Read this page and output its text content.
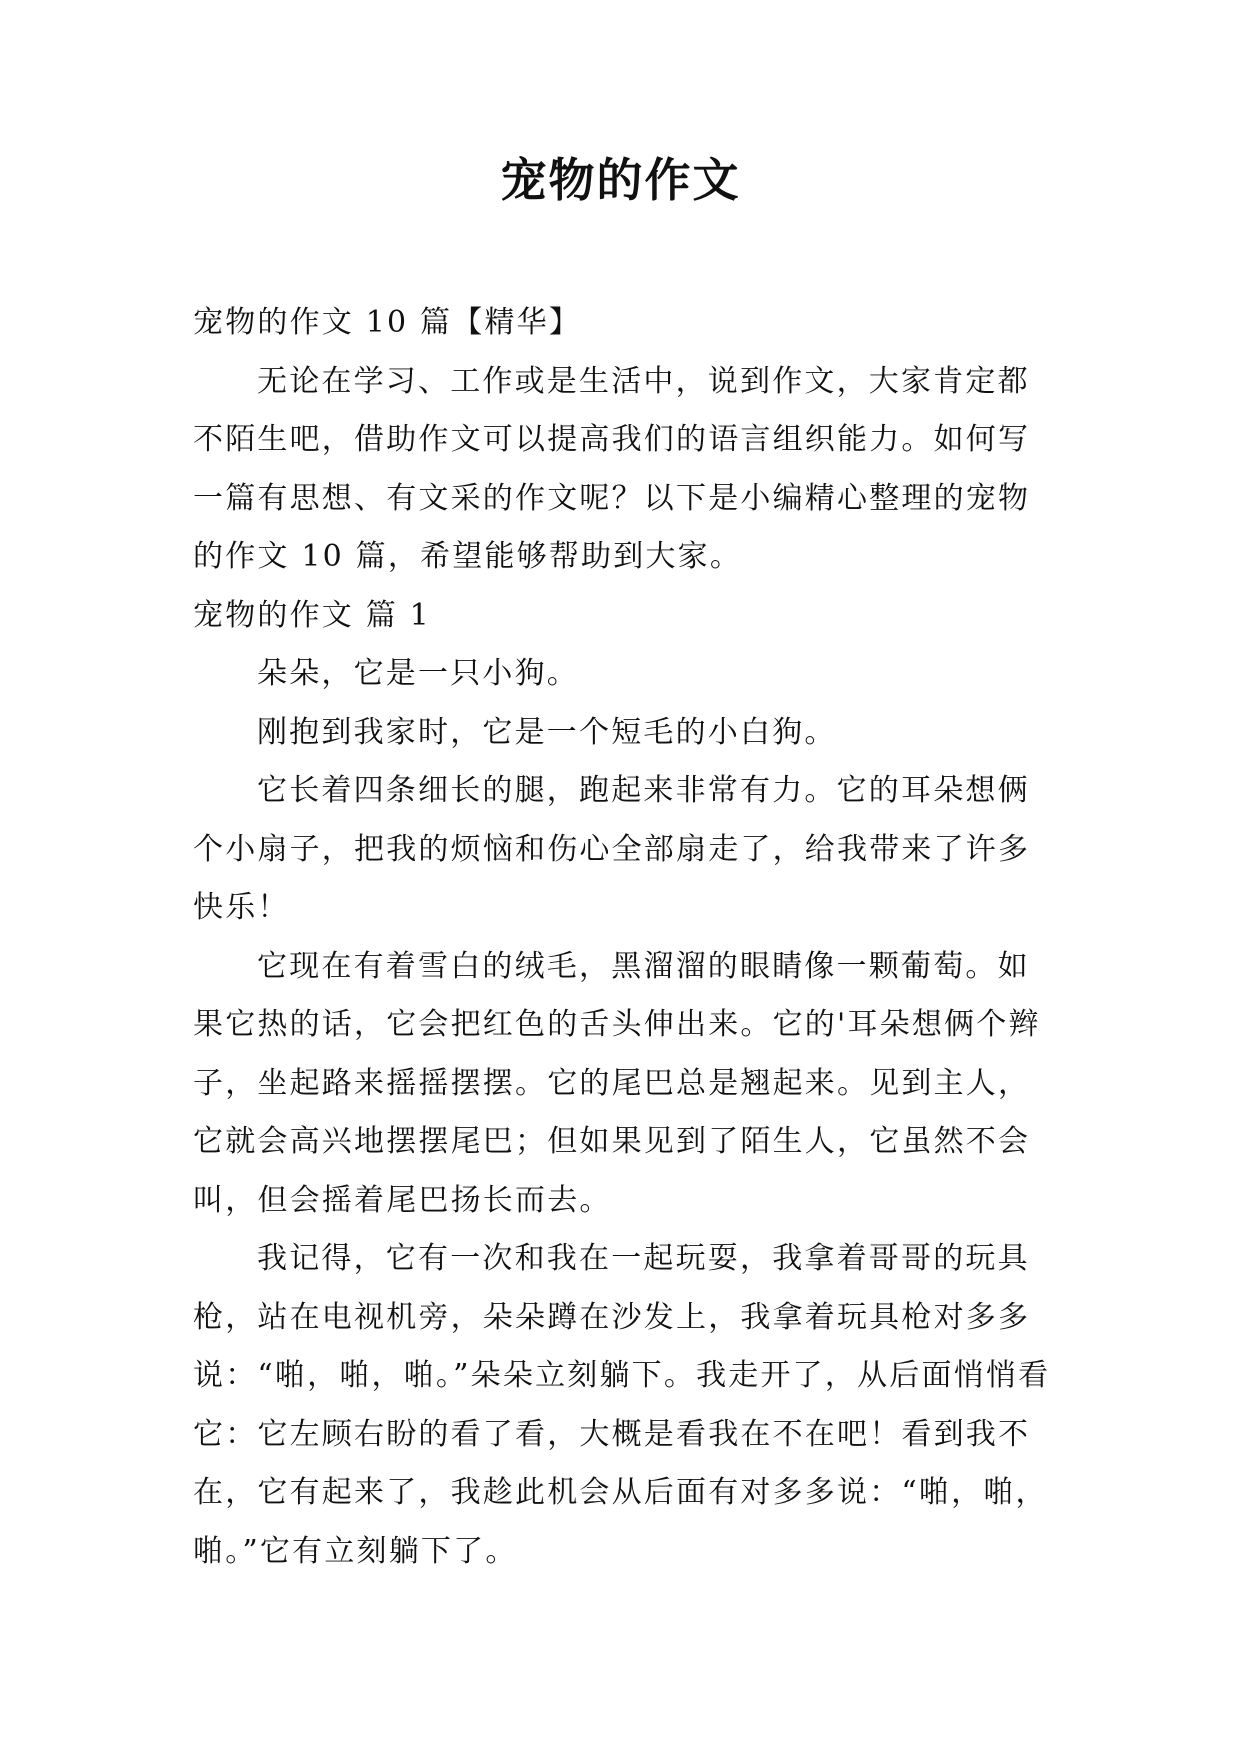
宠物的作文

宠物的作文 10 篇【精华】

无论在学习、工作或是生活中，说到作文，大家肯定都不陌生吧，借助作文可以提高我们的语言组织能力。如何写一篇有思想、有文采的作文呢？以下是小编精心整理的宠物的作文 10 篇，希望能够帮助到大家。

宠物的作文 篇 1

朵朵，它是一只小狗。

刚抱到我家时，它是一个短毛的小白狗。

它长着四条细长的腿，跑起来非常有力。它的耳朵想俩个小扇子，把我的烦恼和伤心全部扇走了，给我带来了许多快乐！

它现在有着雪白的绒毛，黑溜溜的眼睛像一颗葡萄。如果它热的话，它会把红色的舌头伸出来。它的'耳朵想俩个辫子，坐起路来摇摇摆摆。它的尾巴总是翘起来。见到主人，它就会高兴地摆摆尾巴；但如果见到了陌生人，它虽然不会叫，但会摇着尾巴扬长而去。

我记得，它有一次和我在一起玩耍，我拿着哥哥的玩具枪，站在电视机旁，朵朵蹲在沙发上，我拿着玩具枪对多多说：“啪，啪，啪。”朵朵立刻躺下。我走开了，从后面悄悄看它：它左顾右盼的看了看，大概是看我在不在吧！看到我不在，它有起来了，我趁此机会从后面有对多多说：“啪，啪，啪。”它有立刻躺下了。
